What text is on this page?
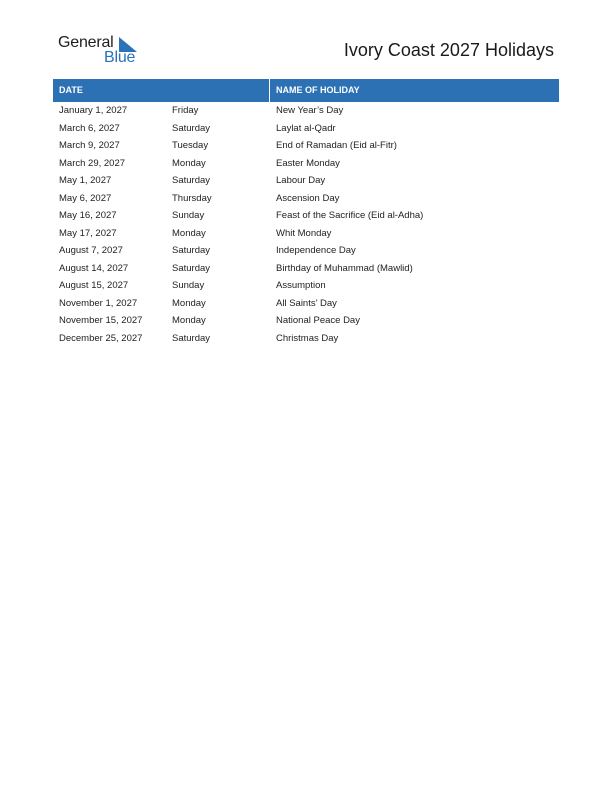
General
Blue	Ivory Coast 2027 Holidays
DATE	NAME OF HOLIDAY
January 1, 2027	Friday	New Year’s Day
March 6, 2027	Saturday	Laylat al-Qadr
March 9, 2027	Tuesday	End of Ramadan (Eid al-Fitr)
March 29, 2027	Monday	Easter Monday
May 1, 2027	Saturday	Labour Day
May 6, 2027	Thursday	Ascension Day
May 16, 2027	Sunday	Feast of the Sacrifice (Eid al-Adha)
May 17, 2027	Monday	Whit Monday
August 7, 2027	Saturday	Independence Day
August 14, 2027	Saturday	Birthday of Muhammad (Mawlid)
August 15, 2027	Sunday	Assumption
November 1, 2027	Monday	All Saints’ Day
November 15, 2027	Monday	National Peace Day
December 25, 2027	Saturday	Christmas Day
